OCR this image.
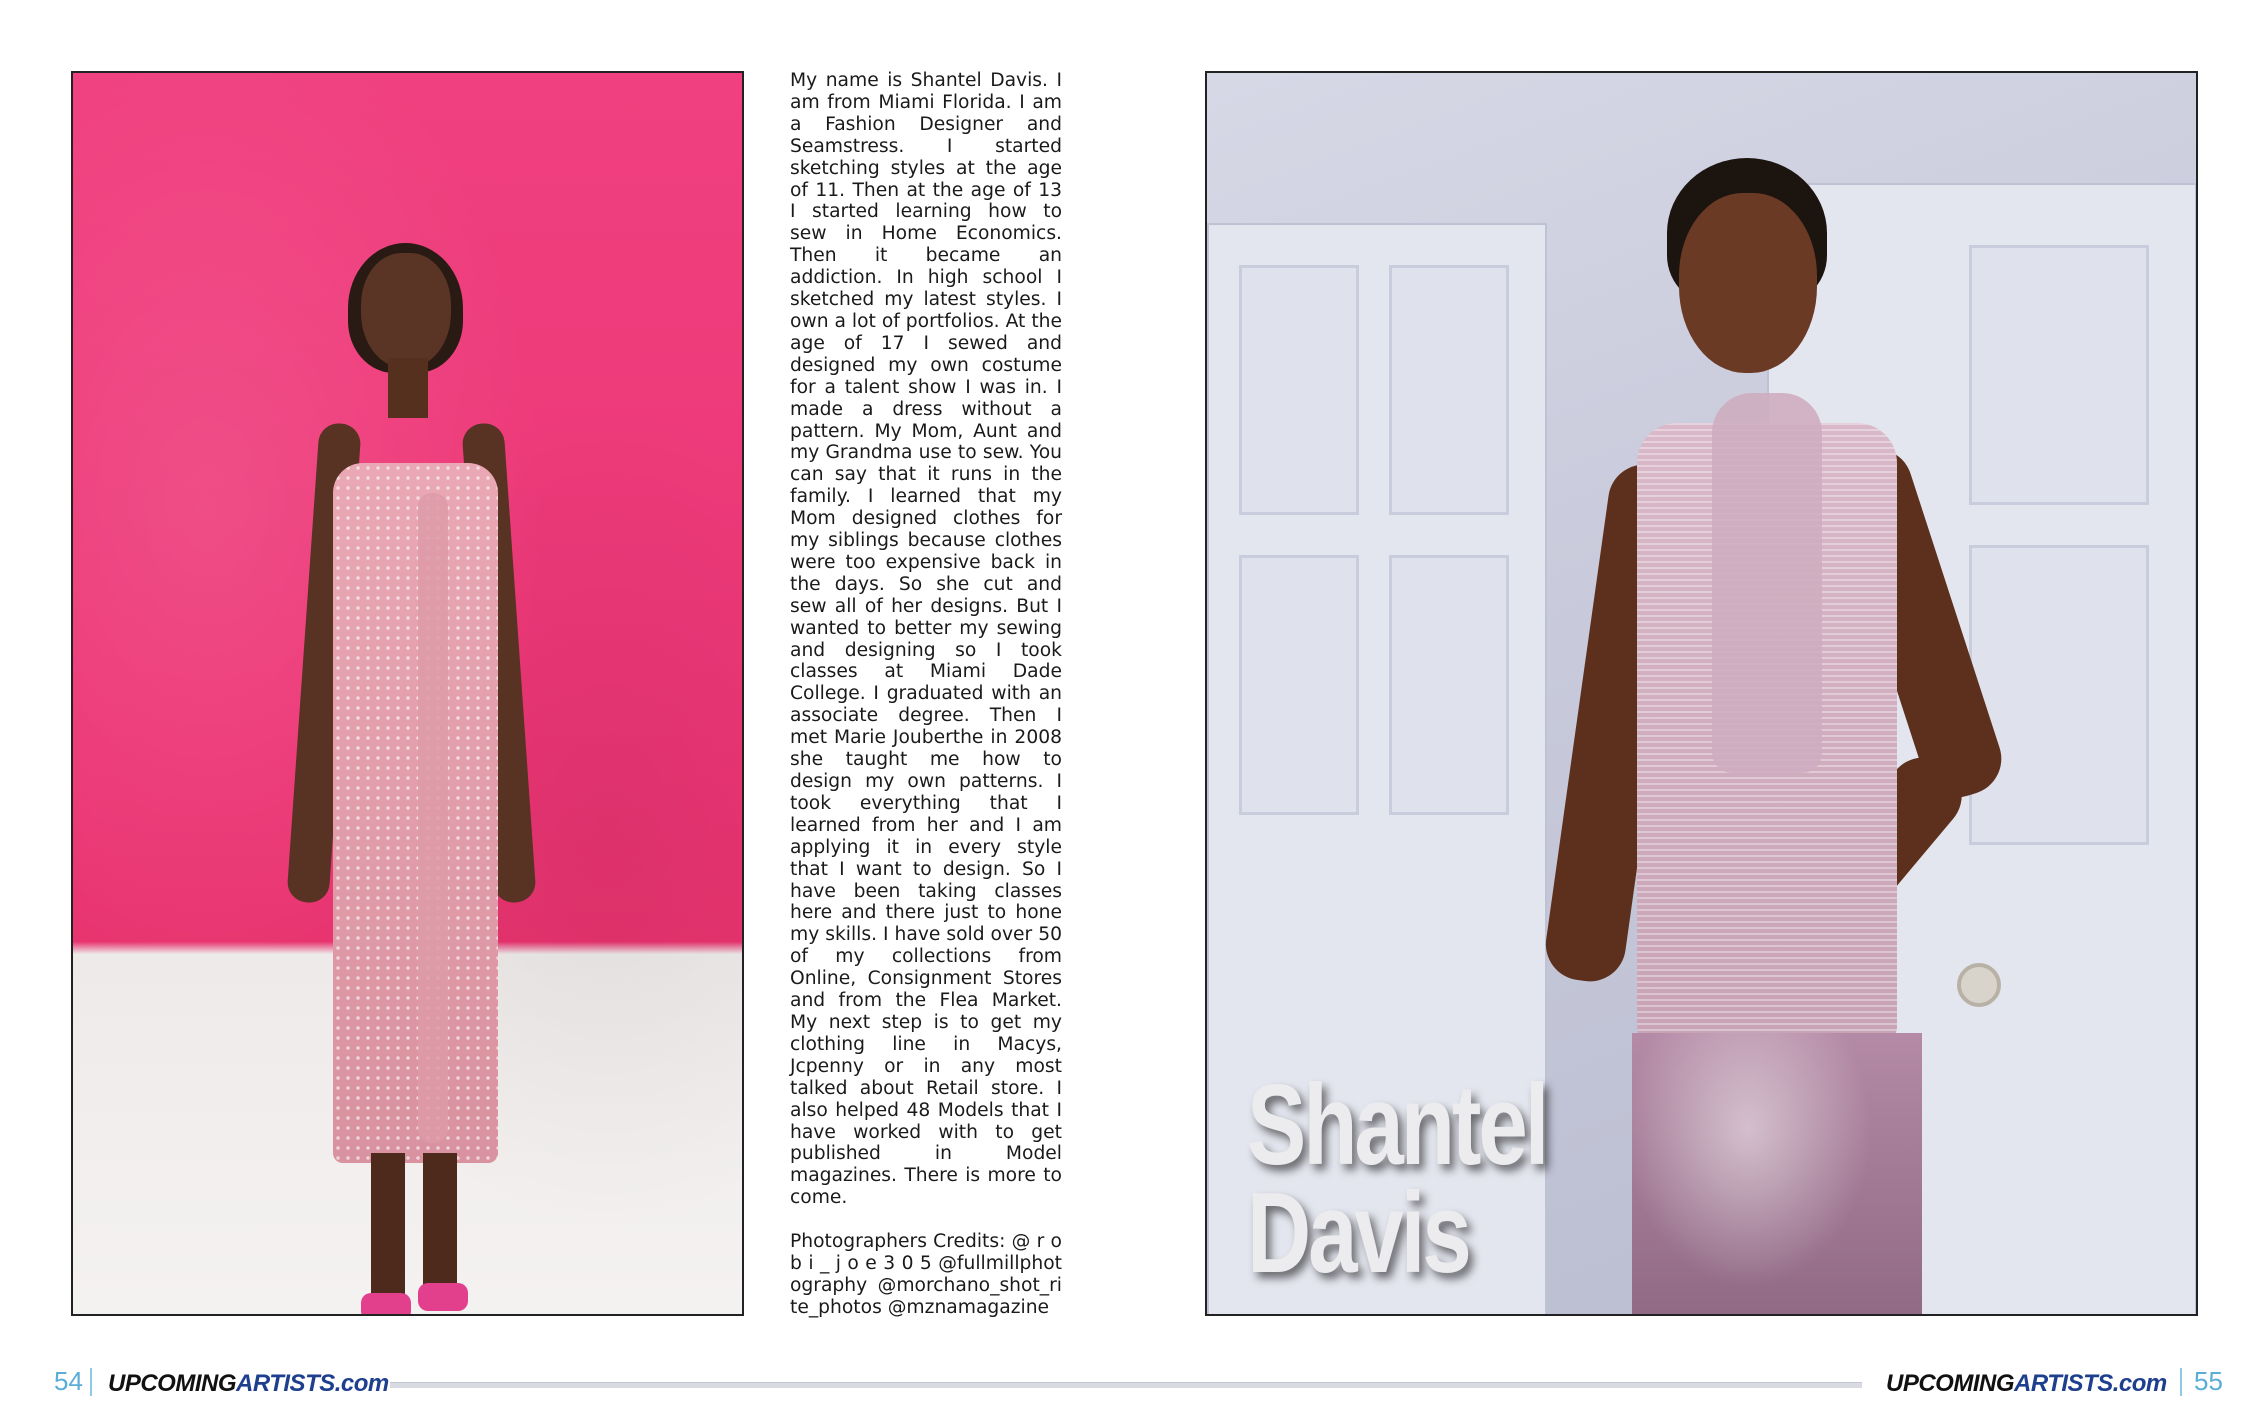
My name is Shantel Davis. I am from Miami Florida. I am a Fashion Designer and Seamstress. I started sketching styles at the age of 11. Then at the age of 13 I started learning how to sew in Home Economics. Then it became an addiction. In high school I sketched my latest styles. I own a lot of portfolios. At the age of 17 I sewed and designed my own costume for a talent show I was in. I made a dress without a pattern. My Mom, Aunt and my Grandma use to sew. You can say that it runs in the family. I learned that my Mom designed clothes for my siblings because clothes were too expensive back in the days. So she cut and sew all of her designs. But I wanted to better my sewing and designing so I took classes at Miami Dade College. I graduated with an associate degree. Then I met Marie Jouberthe in 2008 she taught me how to design my own patterns. I took everything that I learned from her and I am applying it in every style that I want to design. So I have been taking classes here and there just to hone my skills. I have sold over 50 of my collections from Online, Consignment Stores and from the Flea Market. My next step is to get my clothing line in Macys, Jcpenny or in any most talked about Retail store. I also helped 48 Models that I have worked with to get published in Model magazines. There is more to come.

Photographers Credits: @ r o b i _ j o e 3 0 5 @fullmillphotography @morchano_shot_rite_photos @mznamagazine

Shantel
Davis
54 UPCOMINGARTISTS.com	UPCOMINGARTISTS.com 55
